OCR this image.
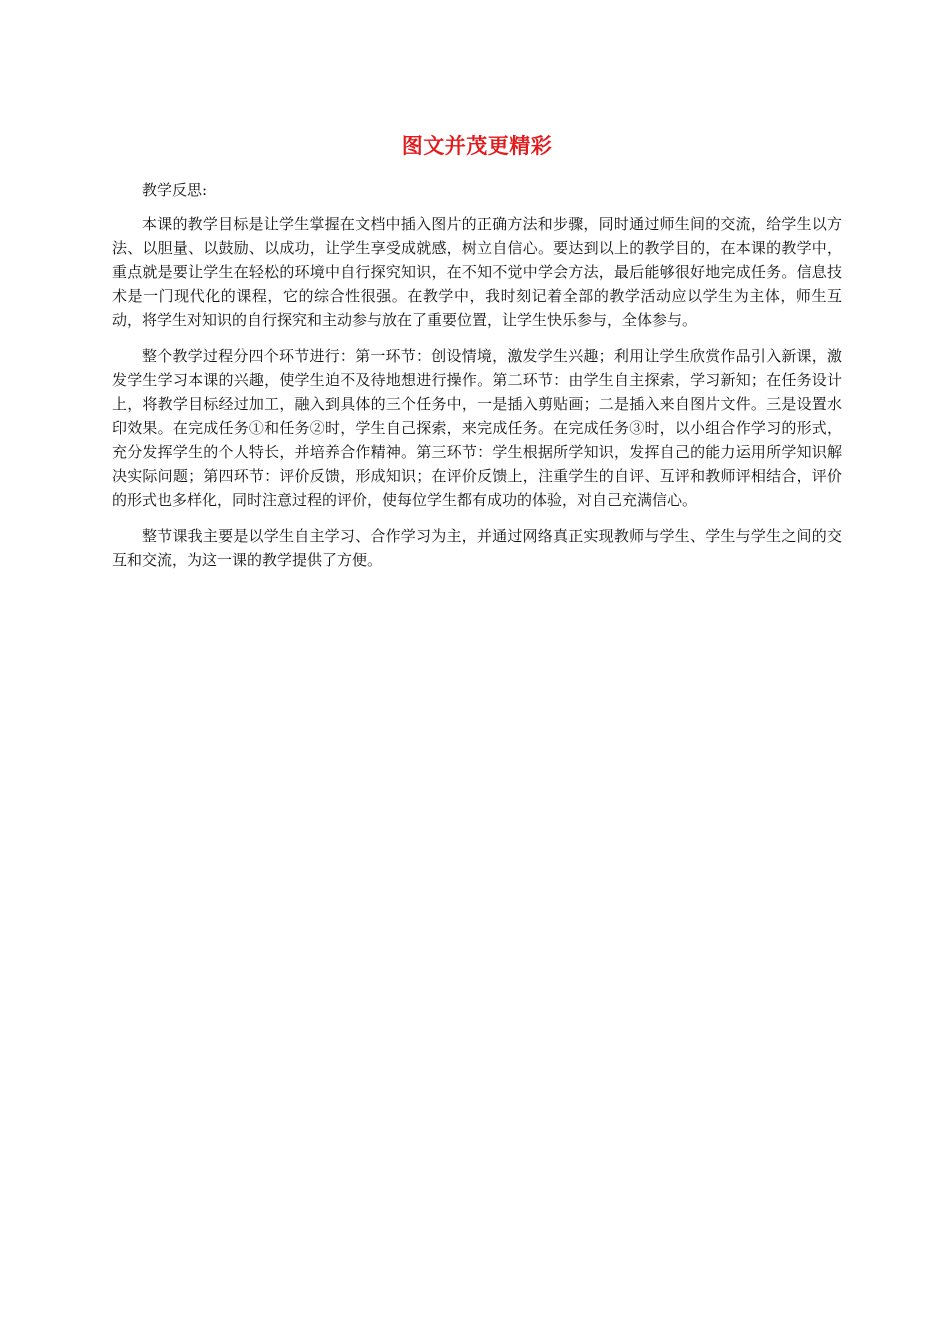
图文并茂更精彩

教学反思:

本课的教学目标是让学生掌握在文档中插入图片的正确方法和步骤，同时通过师生间的交流，给学生以方法、以胆量、以鼓励、以成功，让学生享受成就感，树立自信心。要达到以上的教学目的，在本课的教学中，重点就是要让学生在轻松的环境中自行探究知识，在不知不觉中学会方法，最后能够很好地完成任务。信息技术是一门现代化的课程，它的综合性很强。在教学中，我时刻记着全部的教学活动应以学生为主体，师生互动，将学生对知识的自行探究和主动参与放在了重要位置，让学生快乐参与，全体参与。

整个教学过程分四个环节进行：第一环节：创设情境，激发学生兴趣；利用让学生欣赏作品引入新课，激发学生学习本课的兴趣，使学生迫不及待地想进行操作。第二环节：由学生自主探索，学习新知；在任务设计上，将教学目标经过加工，融入到具体的三个任务中，一是插入剪贴画；二是插入来自图片文件。三是设置水印效果。在完成任务①和任务②时，学生自己探索，来完成任务。在完成任务③时，以小组合作学习的形式，充分发挥学生的个人特长，并培养合作精神。第三环节：学生根据所学知识，发挥自己的能力运用所学知识解决实际问题；第四环节：评价反馈，形成知识；在评价反馈上，注重学生的自评、互评和教师评相结合，评价的形式也多样化，同时注意过程的评价，使每位学生都有成功的体验，对自己充满信心。

整节课我主要是以学生自主学习、合作学习为主，并通过网络真正实现教师与学生、学生与学生之间的交互和交流，为这一课的教学提供了方便。
